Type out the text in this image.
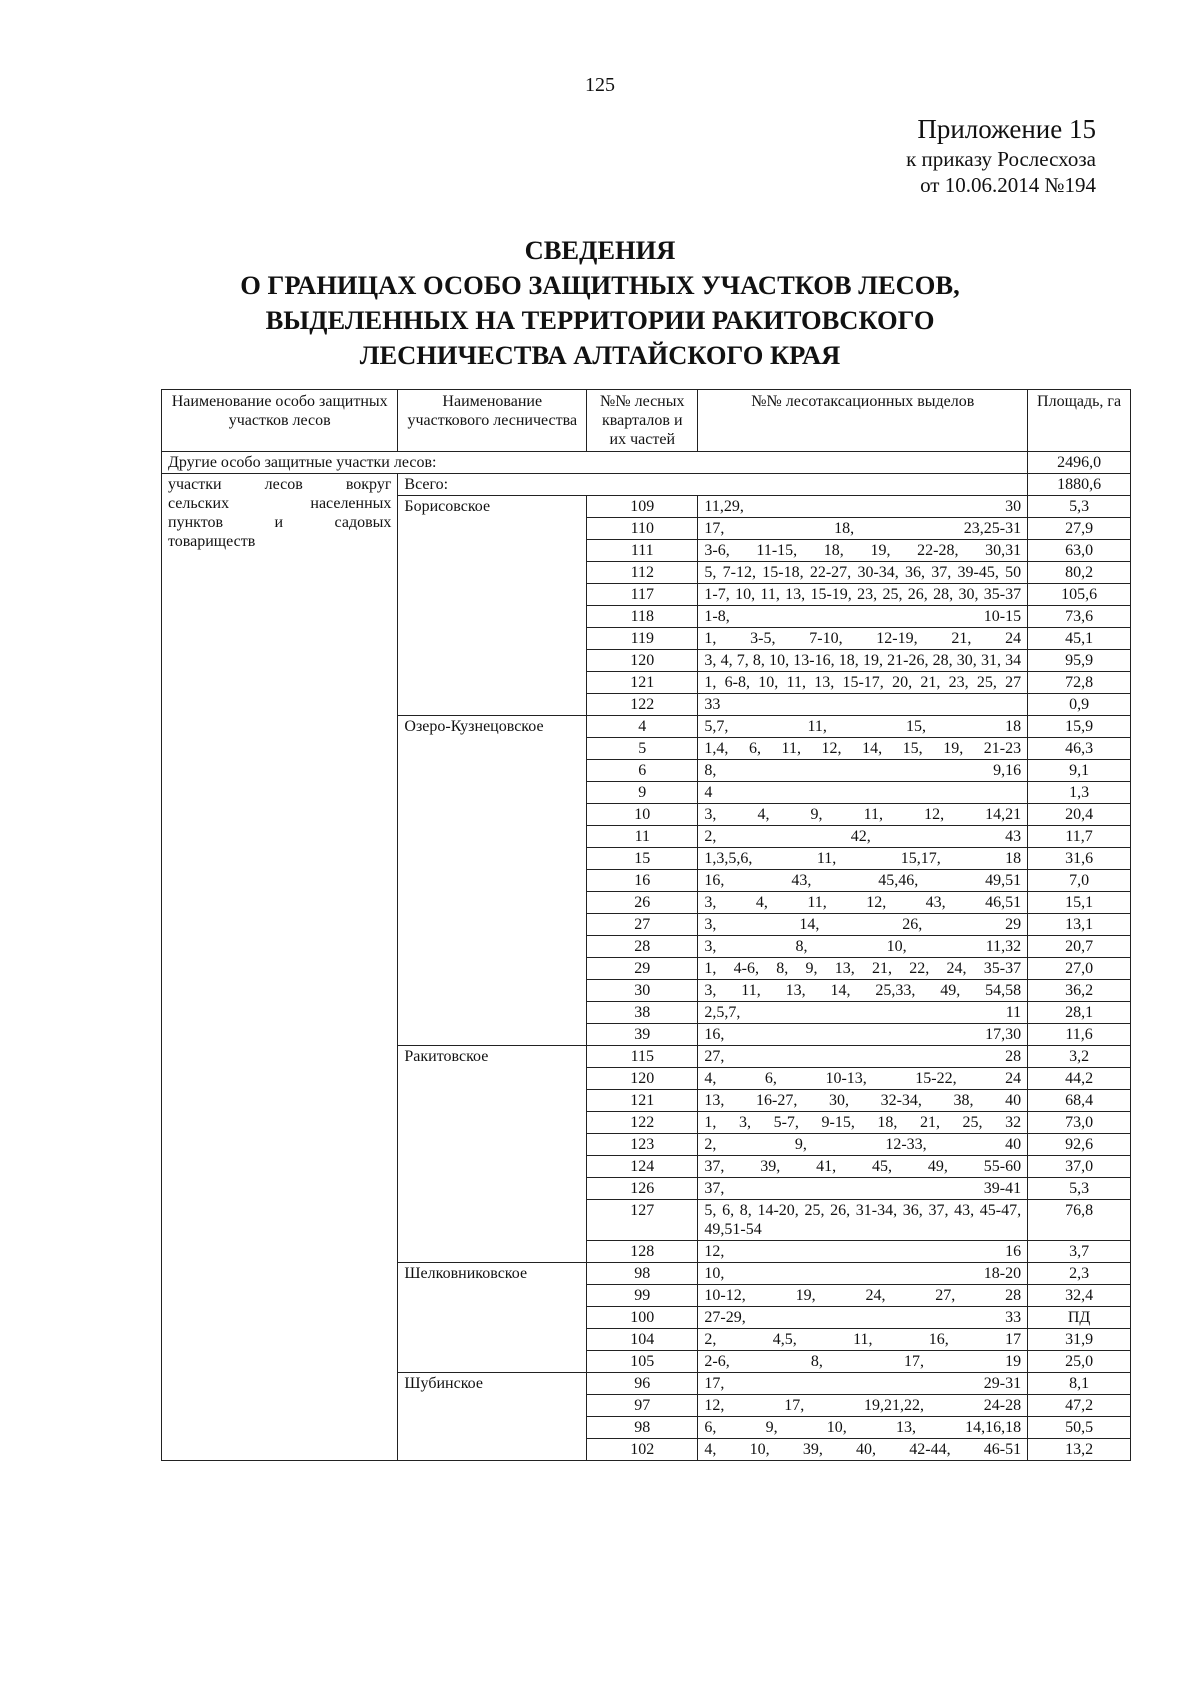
125
Приложение 15
к приказу Рослесхоза
от 10.06.2014 №194
СВЕДЕНИЯ
О ГРАНИЦАХ ОСОБО ЗАЩИТНЫХ УЧАСТКОВ ЛЕСОВ,
ВЫДЕЛЕННЫХ НА ТЕРРИТОРИИ РАКИТОВСКОГО
ЛЕСНИЧЕСТВА АЛТАЙСКОГО КРАЯ
Наименование особо защитных участков лесов	Наименование участкового лесничества	№№ лесных кварталов и их частей	№№ лесотаксационных выделов	Площадь, га
Другие особо защитные участки лесов:				2496,0
участки лесов вокруг
сельских населенных
пунктов и садовых

товариществ	Всего:			1880,6
	Борисовское	109	11,29, 30	5,3
		110	17, 18, 23,25-31	27,9
		111	3-6, 11-15, 18, 19, 22-28, 30,31	63,0
		112	5, 7-12, 15-18, 22-27, 30-34, 36, 37, 39-45, 50	80,2
		117	1-7, 10, 11, 13, 15-19, 23, 25, 26, 28, 30, 35-37	105,6
		118	1-8, 10-15	73,6
		119	1, 3-5, 7-10, 12-19, 21, 24	45,1
		120	3, 4, 7, 8, 10, 13-16, 18, 19, 21-26, 28, 30, 31, 34	95,9
		121	1, 6-8, 10, 11, 13, 15-17, 20, 21, 23, 25, 27	72,8
		122	33	0,9
	Озеро-Кузнецовское	4	5,7, 11, 15, 18	15,9
		5	1,4, 6, 11, 12, 14, 15, 19, 21-23	46,3
		6	8, 9,16	9,1
		9	4	1,3
		10	3, 4, 9, 11, 12, 14,21	20,4
		11	2, 42, 43	11,7
		15	1,3,5,6, 11, 15,17, 18	31,6
		16	16, 43, 45,46, 49,51	7,0
		26	3, 4, 11, 12, 43, 46,51	15,1
		27	3, 14, 26, 29	13,1
		28	3, 8, 10, 11,32	20,7
		29	1, 4-6, 8, 9, 13, 21, 22, 24, 35-37	27,0
		30	3, 11, 13, 14, 25,33, 49, 54,58	36,2
		38	2,5,7, 11	28,1
		39	16, 17,30	11,6
	Ракитовское	115	27, 28	3,2
		120	4, 6, 10-13, 15-22, 24	44,2
		121	13, 16-27, 30, 32-34, 38, 40	68,4
		122	1, 3, 5-7, 9-15, 18, 21, 25, 32	73,0
		123	2, 9, 12-33, 40	92,6
		124	37, 39, 41, 45, 49, 55-60	37,0
		126	37, 39-41	5,3
		127	5, 6, 8, 14-20, 25, 26, 31-34, 36, 37, 43, 45-47, 49,51-54	76,8
		128	12, 16	3,7
	Шелковниковское	98	10, 18-20	2,3
		99	10-12, 19, 24, 27, 28	32,4
		100	27-29, 33	ПД
		104	2, 4,5, 11, 16, 17	31,9
		105	2-6, 8, 17, 19	25,0
	Шубинское	96	17, 29-31	8,1
		97	12, 17, 19,21,22, 24-28	47,2
		98	6, 9, 10, 13, 14,16,18	50,5
		102	4, 10, 39, 40, 42-44, 46-51	13,2
